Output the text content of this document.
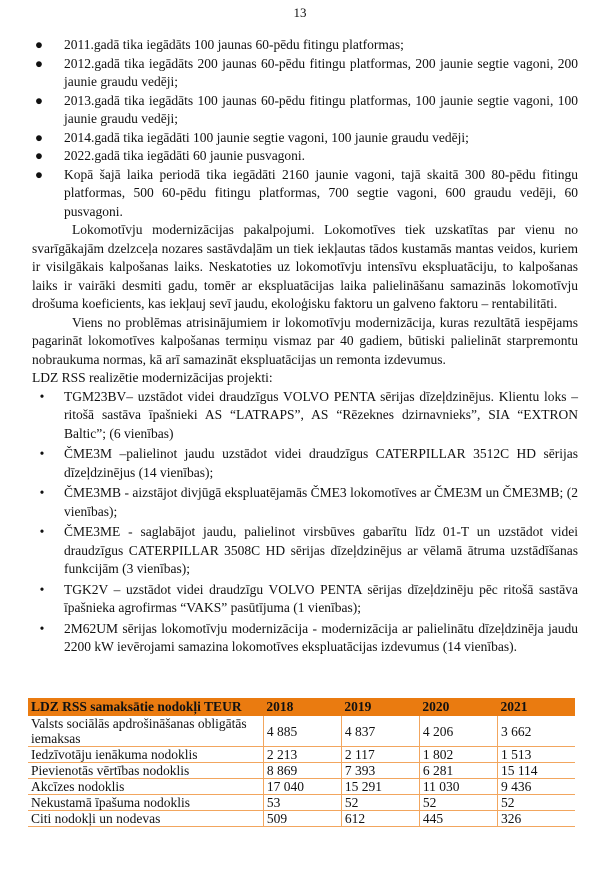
13
● 2011.gadā tika iegādāts 100 jaunas 60-pēdu fitingu platformas;
● 2012.gadā tika iegādāts 200 jaunas 60-pēdu fitingu platformas, 200 jaunie segtie vagoni, 200 jaunie graudu vedēji;
● 2013.gadā tika iegādāts 100 jaunas 60-pēdu fitingu platformas, 100 jaunie segtie vagoni, 100 jaunie graudu vedēji;
● 2014.gadā tika iegādāti 100 jaunie segtie vagoni, 100 jaunie graudu vedēji;
● 2022.gadā tika iegādāti 60 jaunie pusvagoni.
● Kopā šajā laika periodā tika iegādāti 2160 jaunie vagoni, tajā skaitā 300 80-pēdu fitingu platformas, 500 60-pēdu fitingu platformas, 700 segtie vagoni, 600 graudu vedēji, 60 pusvagoni.

Lokomotīvju modernizācijas pakalpojumi. Lokomotīves tiek uzskatītas par vienu no svarīgākajām dzelzceļa nozares sastāvdaļām un tiek iekļautas tādos kustamās mantas veidos, kuriem ir visilgākais kalpošanas laiks. Neskatoties uz lokomotīvju intensīvu ekspluatāciju, to kalpošanas laiks ir vairāki desmiti gadu, tomēr ar ekspluatācijas laika palielināšanu samazinās lokomotīvju drošuma koeficients, kas iekļauj sevī jaudu, ekoloģisku faktoru un galveno faktoru – rentabilitāti.

Viens no problēmas atrisinājumiem ir lokomotīvju modernizācija, kuras rezultātā iespējams pagarināt lokomotīves kalpošanas termiņu vismaz par 40 gadiem, būtiski palielināt starpremontu nobraukuma normas, kā arī samazināt ekspluatācijas un remonta izdevumus.

LDZ RSS realizētie modernizācijas projekti:

•	TGM23BV– uzstādot videi draudzīgus VOLVO PENTA sērijas dīzeļdzinējus. Klientu loks – ritošā sastāva īpašnieki AS “LATRAPS”, AS “Rēzeknes dzirnavnieks”, SIA “EXTRON Baltic”; (6 vienības)
•	ČME3M –palielinot jaudu uzstādot videi draudzīgus CATERPILLAR 3512C HD sērijas dīzeļdzinējus (14 vienības);
•	ČME3MB - aizstājot divjūgā ekspluatējamās ČME3 lokomotīves ar ČME3M un ČME3MB; (2 vienības);
•	ČME3ME - saglabājot jaudu, palielinot virsbūves gabarītu līdz 01-T un uzstādot videi draudzīgus CATERPILLAR 3508C HD sērijas dīzeļdzinējus ar vēlamā ātruma uzstādīšanas funkcijām (3 vienības);
•	TGK2V – uzstādot videi draudzīgu VOLVO PENTA sērijas dīzeļdzinēju pēc ritošā sastāva īpašnieka agrofirmas “VAKS” pasūtījuma (1 vienības);
•	2M62UM sērijas lokomotīvju modernizācija - modernizācija ar palielinātu dīzeļdzinēja jaudu 2200 kW ievērojami samazina lokomotīves ekspluatācijas izdevumus (14 vienības).
LDZ RSS samaksātie nodokļi TEUR	2018	2019	2020	2021
Valsts sociālās apdrošināšanas obligātās iemaksas	4 885	4 837	4 206	3 662
Iedzīvotāju ienākuma nodoklis	2 213	2 117	1 802	1 513
Pievienotās vērtības nodoklis	8 869	7 393	6 281	15 114
Akcīzes nodoklis	17 040	15 291	11 030	9 436
Nekustamā īpašuma nodoklis	53	52	52	52
Citi nodokļi un nodevas	509	612	445	326
